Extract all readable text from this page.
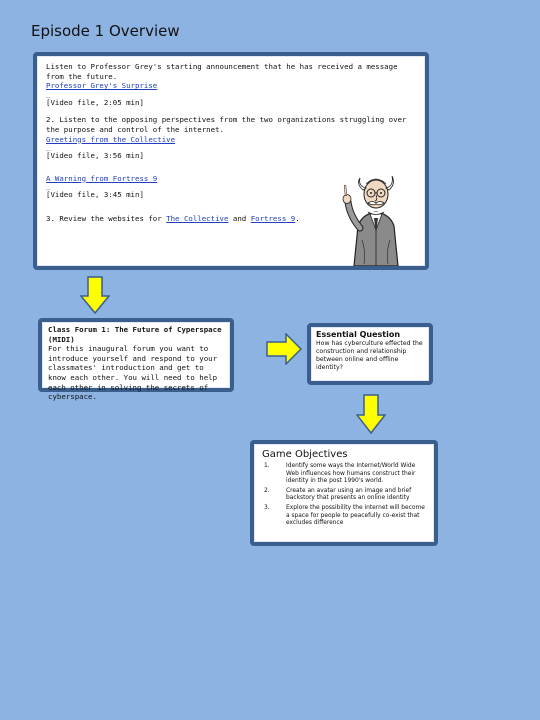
Episode 1 Overview

Listen to Professor Grey's starting announcement that he has received a message from the future.

Professor Grey's Surprise
_

[Video file, 2:05 min]

2. Listen to the opposing perspectives from the two organizations struggling over the purpose and control of the internet.

Greetings from the Collective
_

[Video file, 3:56 min]

A Warning from Fortress 9
_

[Video file, 3:45 min]

3. Review the websites for The Collective and Fortress 9.

Class Forum 1: The Future of Cyperspace (MIDI)

For this inaugural forum you want to introduce yourself and respond to your classmates' introduction and get to know each other. You will need to help each other in solving the secrets of cyberspace.

Essential Question

How has cyberculture effected the construction and relationship between online and offline identity?

Game Objectives

1.	Identify some ways the Internet/World Wide Web influences how humans construct their identity in the post 1990's world.
2.	Create an avatar using an image and brief backstory that presents an online identity
3.	Explore the possibility the internet will become a space for people to peacefully co-exist that excludes difference
